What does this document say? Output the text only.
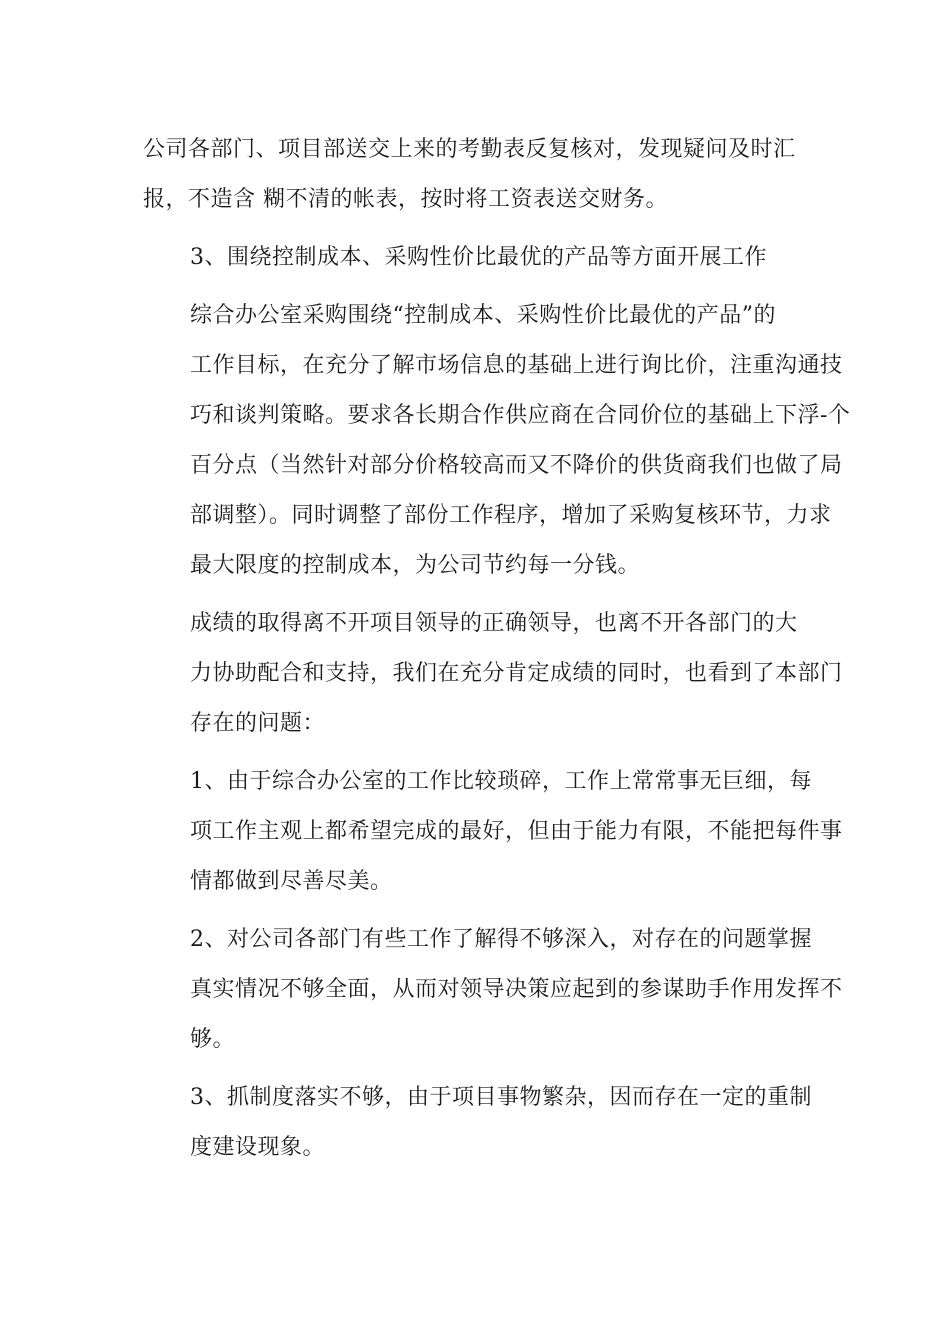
公司各部门、项目部送交上来的考勤表反复核对，发现疑问及时汇
报，不造含 糊不清的帐表，按时将工资表送交财务。

3、围绕控制成本、采购性价比最优的产品等方面开展工作

综合办公室采购围绕“控制成本、采购性价比最优的产品”的
工作目标，在充分了解市场信息的基础上进行询比价，注重沟通技
巧和谈判策略。要求各长期合作供应商在合同价位的基础上下浮-个
百分点（当然针对部分价格较高而又不降价的供货商我们也做了局
部调整）。同时调整了部份工作程序，增加了采购复核环节，力求
最大限度的控制成本，为公司节约每一分钱。

成绩的取得离不开项目领导的正确领导，也离不开各部门的大
力协助配合和支持，我们在充分肯定成绩的同时，也看到了本部门
存在的问题：

1、由于综合办公室的工作比较琐碎，工作上常常事无巨细，每
项工作主观上都希望完成的最好，但由于能力有限，不能把每件事
情都做到尽善尽美。

2、对公司各部门有些工作了解得不够深入，对存在的问题掌握
真实情况不够全面，从而对领导决策应起到的参谋助手作用发挥不
够。

3、抓制度落实不够，由于项目事物繁杂，因而存在一定的重制
度建设现象。
